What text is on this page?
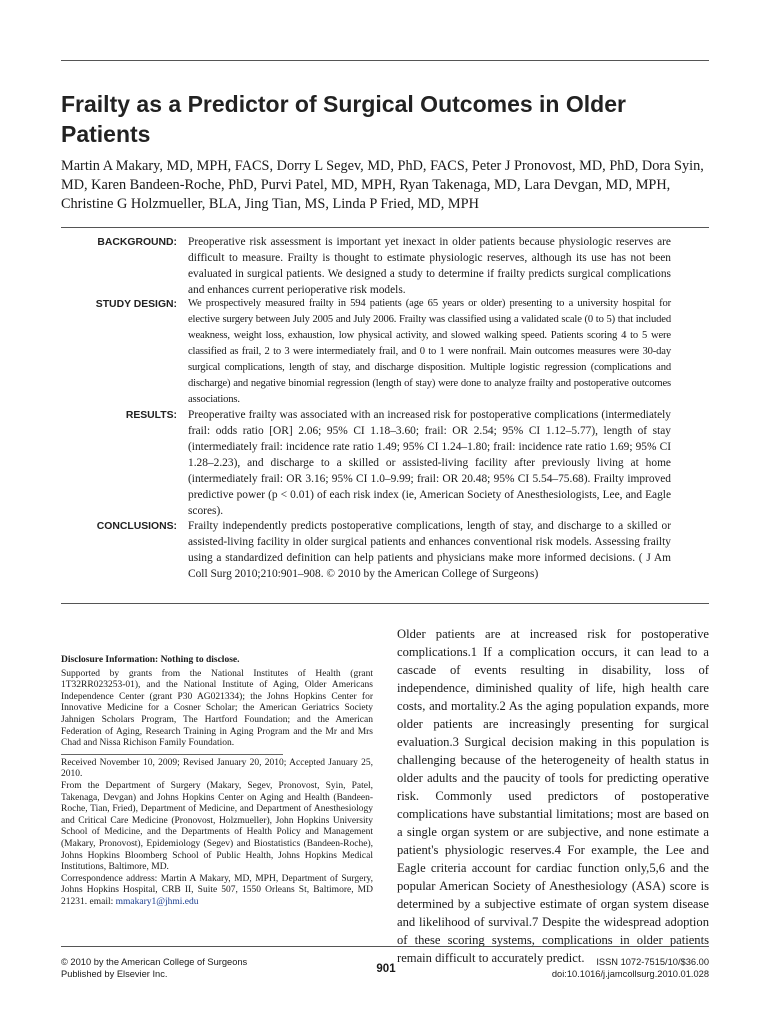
Frailty as a Predictor of Surgical Outcomes in Older Patients
Martin A Makary, MD, MPH, FACS, Dorry L Segev, MD, PhD, FACS, Peter J Pronovost, MD, PhD, Dora Syin, MD, Karen Bandeen-Roche, PhD, Purvi Patel, MD, MPH, Ryan Takenaga, MD, Lara Devgan, MD, MPH, Christine G Holzmueller, BLA, Jing Tian, MS, Linda P Fried, MD, MPH
BACKGROUND: Preoperative risk assessment is important yet inexact in older patients because physiologic reserves are difficult to measure. Frailty is thought to estimate physiologic reserves, although its use has not been evaluated in surgical patients. We designed a study to determine if frailty predicts surgical complications and enhances current perioperative risk models.
STUDY DESIGN: We prospectively measured frailty in 594 patients (age 65 years or older) presenting to a university hospital for elective surgery between July 2005 and July 2006. Frailty was classified using a validated scale (0 to 5) that included weakness, weight loss, exhaustion, low physical activity, and slowed walking speed. Patients scoring 4 to 5 were classified as frail, 2 to 3 were intermediately frail, and 0 to 1 were nonfrail. Main outcomes measures were 30-day surgical complications, length of stay, and discharge disposition. Multiple logistic regression (complications and discharge) and negative binomial regression (length of stay) were done to analyze frailty and postoperative outcomes associations.
RESULTS: Preoperative frailty was associated with an increased risk for postoperative complications (intermediately frail: odds ratio [OR] 2.06; 95% CI 1.18–3.60; frail: OR 2.54; 95% CI 1.12–5.77), length of stay (intermediately frail: incidence rate ratio 1.49; 95% CI 1.24–1.80; frail: incidence rate ratio 1.69; 95% CI 1.28–2.23), and discharge to a skilled or assisted-living facility after previously living at home (intermediately frail: OR 3.16; 95% CI 1.0–9.99; frail: OR 20.48; 95% CI 5.54–75.68). Frailty improved predictive power (p < 0.01) of each risk index (ie, American Society of Anesthesiologists, Lee, and Eagle scores).
CONCLUSIONS: Frailty independently predicts postoperative complications, length of stay, and discharge to a skilled or assisted-living facility in older surgical patients and enhances conventional risk models. Assessing frailty using a standardized definition can help patients and physicians make more informed decisions. ( J Am Coll Surg 2010;210:901–908. © 2010 by the American College of Surgeons)

Disclosure Information: Nothing to disclose.

Supported by grants from the National Institutes of Health (grant 1T32RR023253-01), and the National Institute of Aging, Older Americans Independence Center (grant P30 AG021334); the Johns Hopkins Center for Innovative Medicine for a Cosner Scholar; the American Geriatrics Society Jahnigen Scholars Program, The Hartford Foundation; and the American Federation of Aging, Research Training in Aging Program and the Mr and Mrs Chad and Nissa Richison Family Foundation.

Received November 10, 2009; Revised January 20, 2010; Accepted January 25, 2010.

From the Department of Surgery (Makary, Segev, Pronovost, Syin, Patel, Takenaga, Devgan) and Johns Hopkins Center on Aging and Health (Bandeen-Roche, Tian, Fried), Department of Medicine, and Department of Anesthesiology and Critical Care Medicine (Pronovost, Holzmueller), John Hopkins University School of Medicine, and the Departments of Health Policy and Management (Makary, Pronovost), Epidemiology (Segev) and Biostatistics (Bandeen-Roche), Johns Hopkins Bloomberg School of Public Health, Johns Hopkins Medical Institutions, Baltimore, MD.

Correspondence address: Martin A Makary, MD, MPH, Department of Surgery, Johns Hopkins Hospital, CRB II, Suite 507, 1550 Orleans St, Baltimore, MD 21231. email: mmakary1@jhmi.edu

Older patients are at increased risk for postoperative complications.1 If a complication occurs, it can lead to a cascade of events resulting in disability, loss of independence, diminished quality of life, high health care costs, and mortality.2 As the aging population expands, more older patients are increasingly presenting for surgical evaluation.3 Surgical decision making in this population is challenging because of the heterogeneity of health status in older adults and the paucity of tools for predicting operative risk. Commonly used predictors of postoperative complications have substantial limitations; most are based on a single organ system or are subjective, and none estimate a patient's physiologic reserves.4 For example, the Lee and Eagle criteria account for cardiac function only,5,6 and the popular American Society of Anesthesiology (ASA) score is determined by a subjective estimate of organ system disease and likelihood of survival.7 Despite the widespread adoption of these scoring systems, complications in older patients remain difficult to accurately predict.

© 2010 by the American College of Surgeons
Published by Elsevier Inc.	901
ISSN 1072-7515/10/$36.00
doi:10.1016/j.jamcollsurg.2010.01.028
